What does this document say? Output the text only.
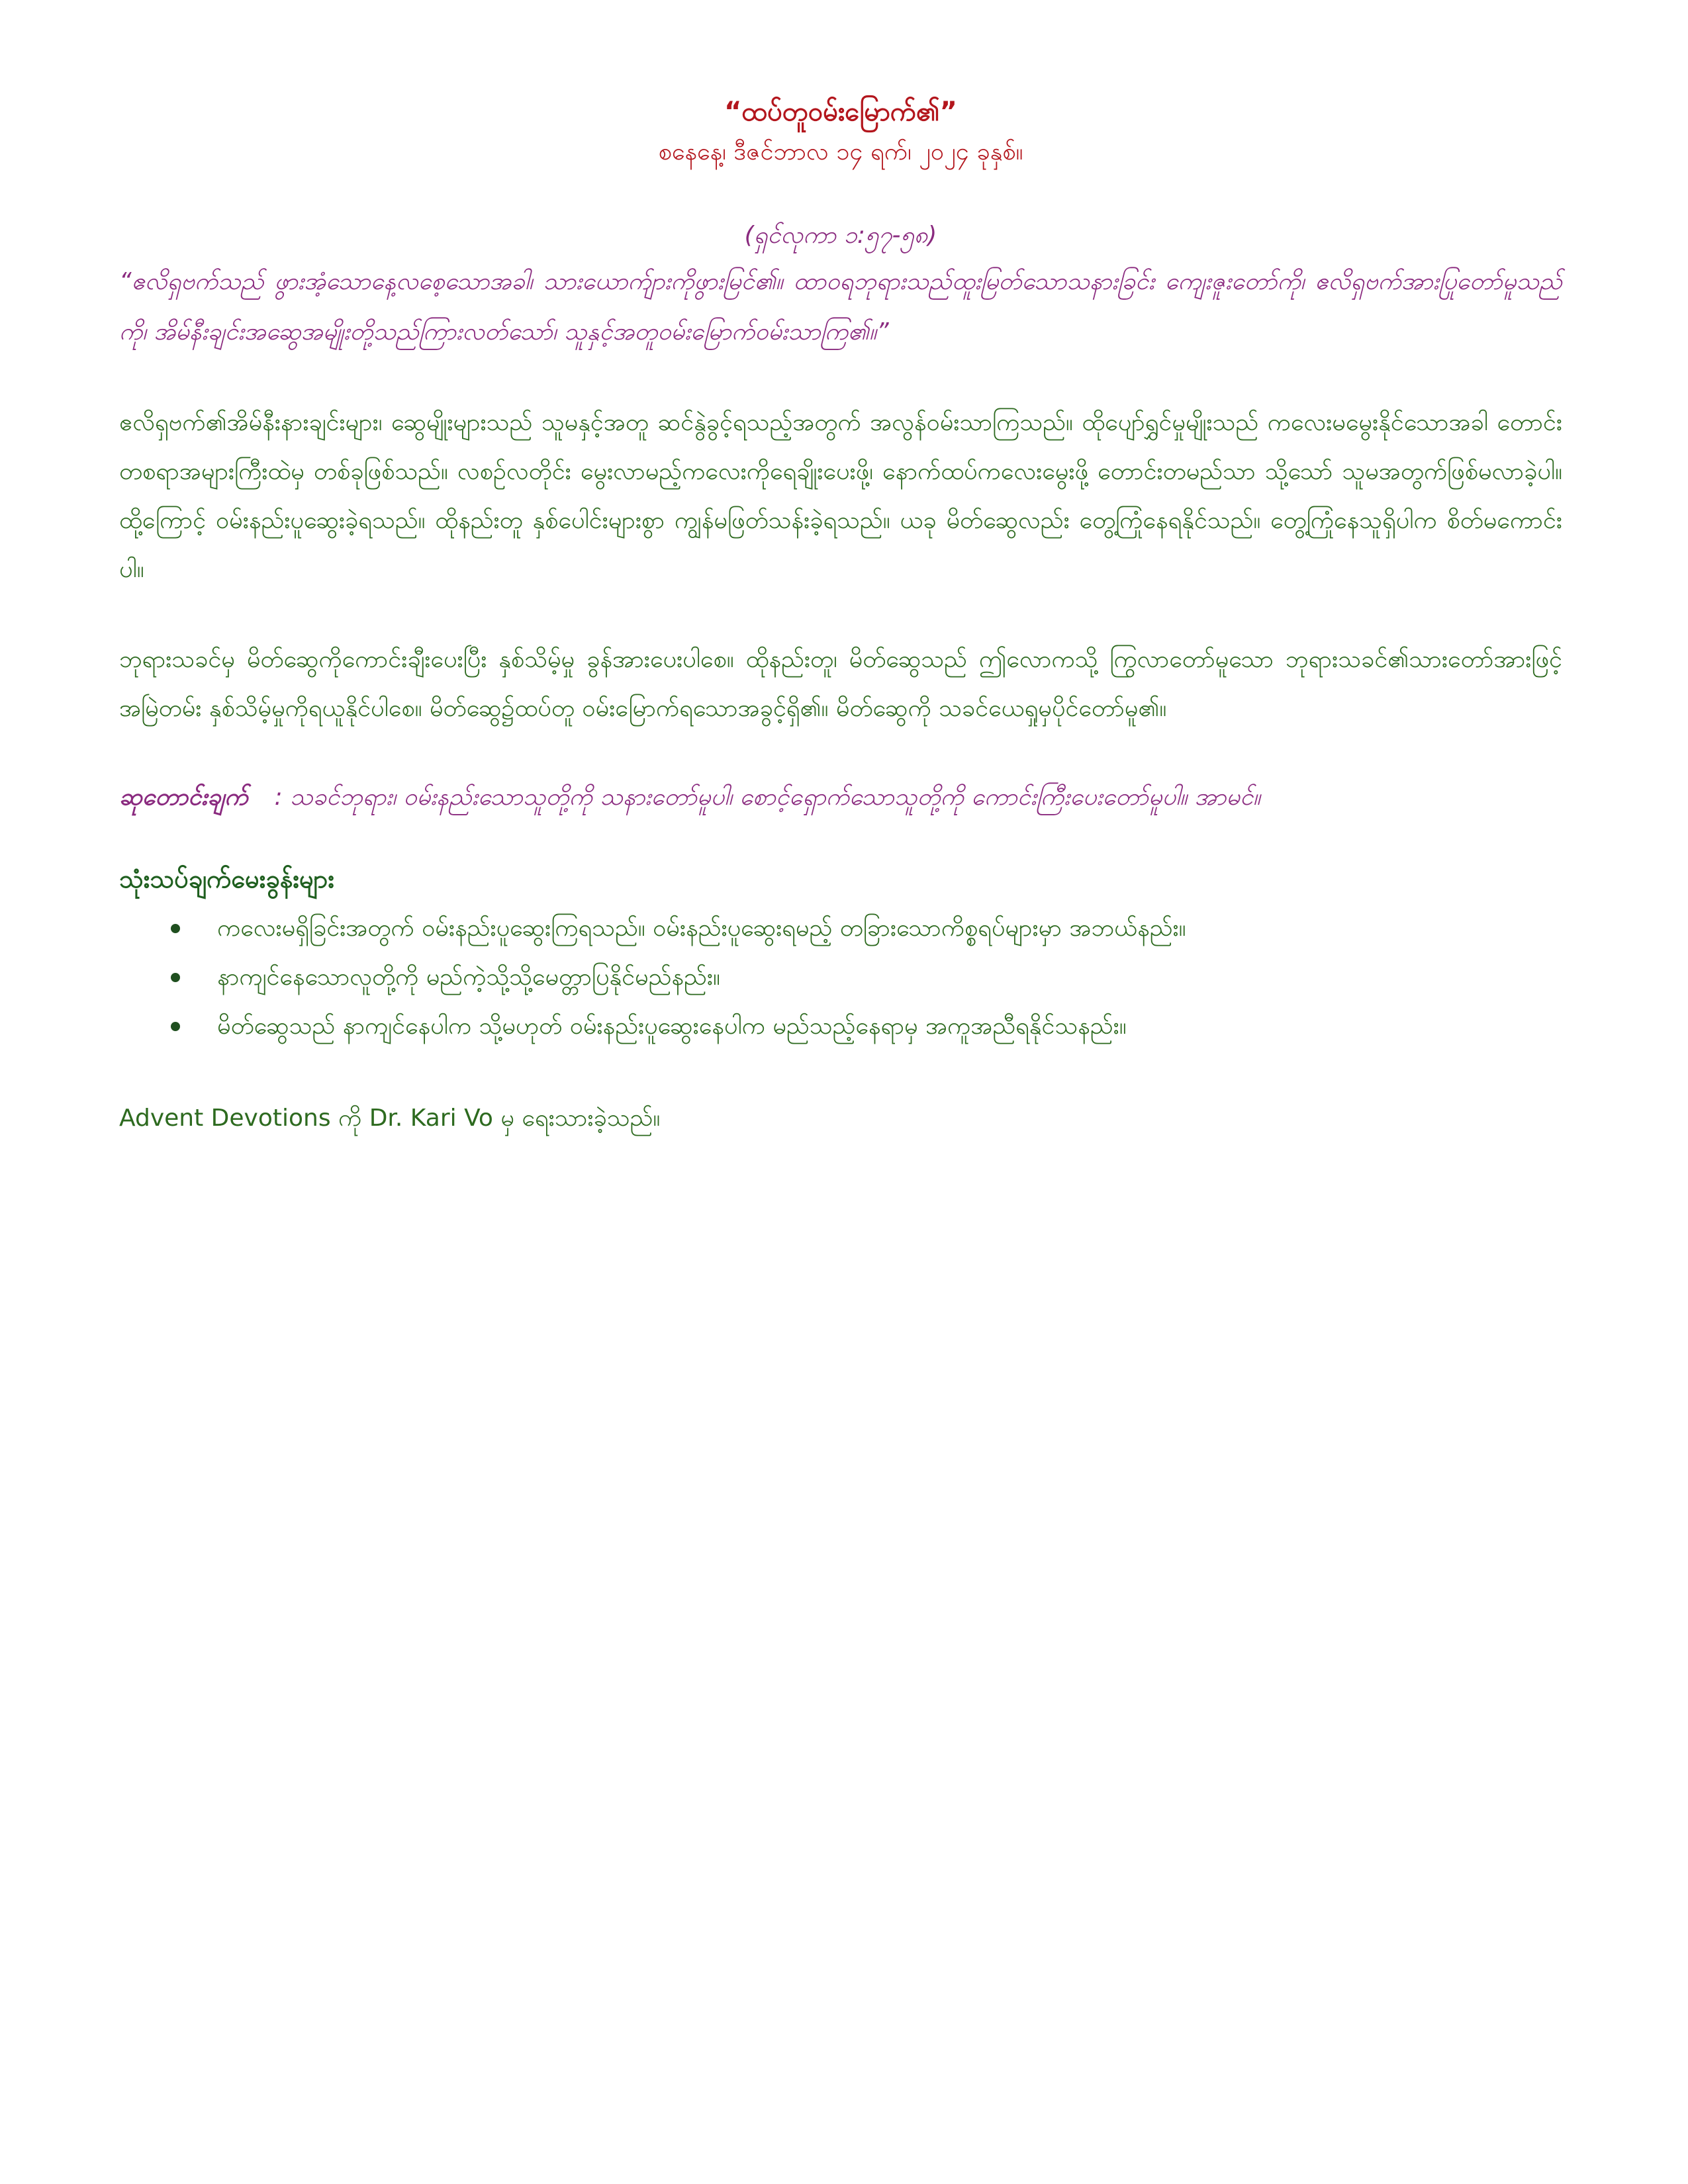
“ထပ်တူဝမ်းမြောက်၏”

စနေနေ့၊ ဒီဇင်ဘာလ ၁၄ ရက်၊ ၂၀၂၄ ခုနှစ်။

(ရှင်လုကာ ၁:၅၇-၅၈)

“ဧလိရှဗက်သည် ဖွားအံ့သောနေ့လစေ့သောအခါ၊ သားယောက်ျားကိုဖွားမြင်၏။ ထာဝရဘုရားသည်ထူးမြတ်သောသနားခြင်း ကျေးဇူးတော်ကို၊ ဧလိရှဗက်အားပြုတော်မူသည်ကို၊ အိမ်နီးချင်းအဆွေအမျိုးတို့သည်ကြားလတ်သော်၊ သူနှင့်အတူဝမ်းမြောက်ဝမ်းသာကြ၏။”

ဧလိရှဗက်၏အိမ်နီးနားချင်းများ၊ ဆွေမျိုးများသည် သူမနှင့်အတူ ဆင်နွဲခွင့်ရသည့်အတွက် အလွန်ဝမ်းသာကြသည်။ ထိုပျော်ရွှင်မှုမျိုးသည် ကလေးမမွေးနိုင်သောအခါ တောင်းတစရာအများကြီးထဲမှ တစ်ခုဖြစ်သည်။ လစဉ်လတိုင်း မွေးလာမည့်ကလေးကိုရေချိုးပေးဖို့၊ နောက်ထပ်ကလေးမွေးဖို့ တောင်းတမည်သာ သို့သော် သူမအတွက်ဖြစ်မလာခဲ့ပါ။ ထို့ကြောင့် ဝမ်းနည်းပူဆွေးခဲ့ရသည်။ ထိုနည်းတူ နှစ်ပေါင်းများစွာ ကျွန်မဖြတ်သန်းခဲ့ရသည်။ ယခု မိတ်ဆွေလည်း တွေ့ကြုံနေရနိုင်သည်။ တွေ့ကြုံနေသူရှိပါက စိတ်မကောင်းပါ။

ဘုရားသခင်မှ မိတ်ဆွေကိုကောင်းချီးပေးပြီး နှစ်သိမ့်မှု ခွန်အားပေးပါစေ။ ထိုနည်းတူ၊ မိတ်ဆွေသည် ဤလောကသို့ ကြွလာတော်မူသော ဘုရားသခင်၏သားတော်အားဖြင့် အမြဲတမ်း နှစ်သိမ့်မှုကိုရယူနိုင်ပါစေ။ မိတ်ဆွေ၌ထပ်တူ ဝမ်းမြောက်ရသောအခွင့်ရှိ၏။ မိတ်ဆွေကို သခင်ယေရှုမှပိုင်တော်မူ၏။

ဆုတောင်းချက် : သခင်ဘုရား၊ ဝမ်းနည်းသောသူတို့ကို သနားတော်မူပါ၊ စောင့်ရှောက်သောသူတို့ကို ကောင်းကြီးပေးတော်မူပါ။ အာမင်။

သုံးသပ်ချက်မေးခွန်းများ

ကလေးမရှိခြင်းအတွက် ဝမ်းနည်းပူဆွေးကြရသည်။ ဝမ်းနည်းပူဆွေးရမည့် တခြားသောကိစ္စရပ်များမှာ အဘယ်နည်း။
နာကျင်နေသောလူတို့ကို မည်ကဲ့သို့သို့မေတ္တာပြနိုင်မည်နည်း။
မိတ်ဆွေသည် နာကျင်နေပါက သို့မဟုတ် ဝမ်းနည်းပူဆွေးနေပါက မည်သည့်နေရာမှ အကူအညီရနိုင်သနည်း။

Advent Devotions ကို Dr. Kari Vo မှ ရေးသားခဲ့သည်။
